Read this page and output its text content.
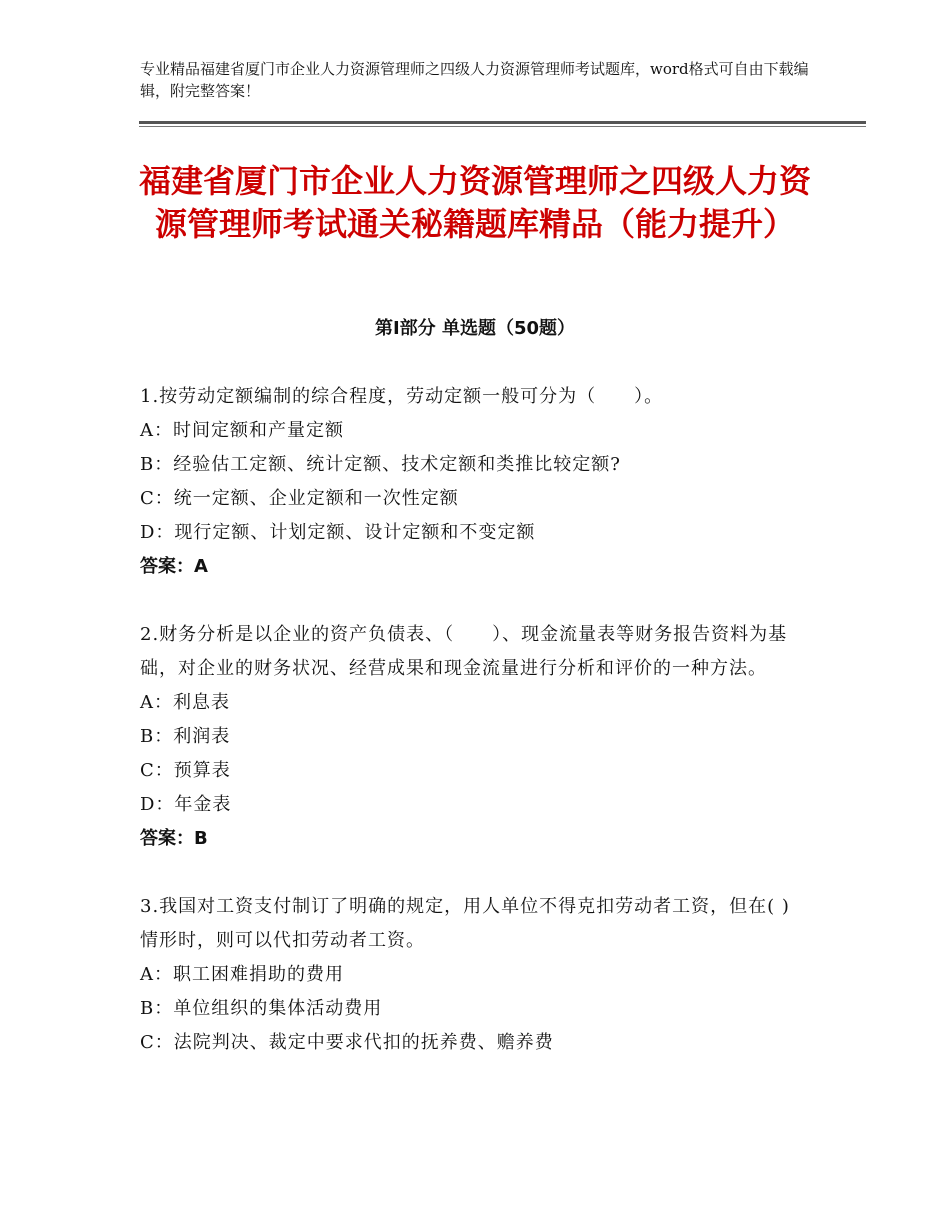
专业精品福建省厦门市企业人力资源管理师之四级人力资源管理师考试题库，word格式可自由下载编辑，附完整答案！
福建省厦门市企业人力资源管理师之四级人力资源管理师考试通关秘籍题库精品（能力提升）
第Ⅰ部分 单选题（50题）

1.按劳动定额编制的综合程度，劳动定额一般可分为（　　）。

A：时间定额和产量定额

B：经验估工定额、统计定额、技术定额和类推比较定额?

C：统一定额、企业定额和一次性定额

D：现行定额、计划定额、设计定额和不变定额

答案：A

2.财务分析是以企业的资产负债表、（　　）、现金流量表等财务报告资料为基础，对企业的财务状况、经营成果和现金流量进行分析和评价的一种方法。

A：利息表

B：利润表

C：预算表

D：年金表

答案：B

3.我国对工资支付制订了明确的规定，用人单位不得克扣劳动者工资，但在( )情形时，则可以代扣劳动者工资。

A：职工困难捐助的费用

B：单位组织的集体活动费用

C：法院判决、裁定中要求代扣的抚养费、赡养费
